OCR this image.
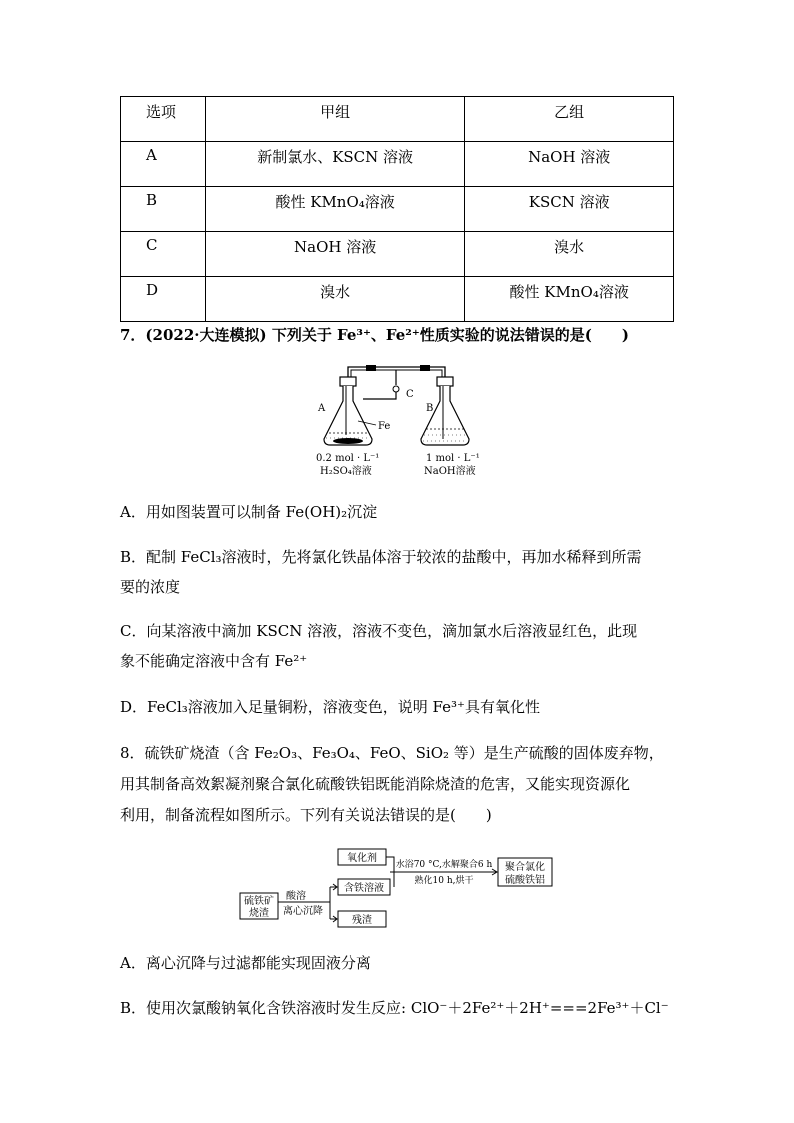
选项	甲组	乙组
A	新制氯水、KSCN 溶液	NaOH 溶液
B	酸性 KMnO₄溶液	KSCN 溶液
C	NaOH 溶液	溴水
D	溴水	酸性 KMnO₄溶液
7．(2022·大连模拟) 下列关于 Fe³⁺、Fe²⁺性质实验的说法错误的是(　　)
C
Fe
A	B
0.2 mol · L⁻¹
H₂SO₄溶液
1 mol · L⁻¹
NaOH溶液
A．用如图装置可以制备 Fe(OH)₂沉淀
B．配制 FeCl₃溶液时，先将氯化铁晶体溶于较浓的盐酸中，再加水稀释到所需
要的浓度
C．向某溶液中滴加 KSCN 溶液，溶液不变色，滴加氯水后溶液显红色，此现
象不能确定溶液中含有 Fe²⁺
D．FeCl₃溶液加入足量铜粉，溶液变色，说明 Fe³⁺具有氧化性
8．硫铁矿烧渣（含 Fe₂O₃、Fe₃O₄、FeO、SiO₂ 等）是生产硫酸的固体废弃物，
用其制备高效絮凝剂聚合氯化硫酸铁铝既能消除烧渣的危害，又能实现资源化
利用，制备流程如图所示。下列有关说法错误的是(　　)
硫铁矿
烧渣
酸溶
离心沉降
氧化剂
含铁溶液
残渣
水浴70 °C,水解聚合6 h
熟化10 h,烘干
聚合氯化
硫酸铁铝
A．离心沉降与过滤都能实现固液分离
B．使用次氯酸钠氧化含铁溶液时发生反应: ClO⁻＋2Fe²⁺＋2H⁺===2Fe³⁺＋Cl⁻
